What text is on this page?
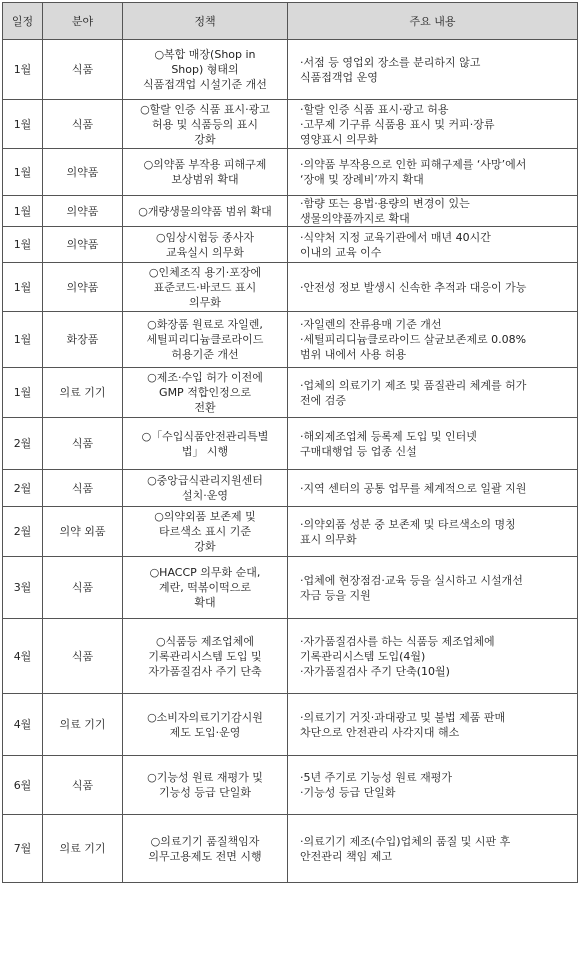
일정	분야	정책	주요 내용
1월	식품	○복합 매장(Shop in
Shop) 형태의
식품접객업 시설기준 개선	·서점 등 영업외 장소를 분리하지 않고
식품접객업 운영

1월	식품	○할랄 인증 식품 표시·광고
허용 및 식품등의 표시
강화	·할랄 인증 식품 표시·광고 허용
·고무제 기구류 식품용 표시 및 커피·장류
영양표시 의무화

1월	의약품	○의약품 부작용 피해구제
보상범위 확대	·의약품 부작용으로 인한 피해구제를 ‘사망’에서
‘장애 및 장례비’까지 확대

1월	의약품	○개량생물의약품 범위 확대	·함량 또는 용법·용량의 변경이 있는
생물의약품까지로 확대

1월	의약품	○임상시험등 종사자
교육실시 의무화	·식약처 지정 교육기관에서 매년 40시간
이내의 교육 이수

1월	의약품	○인체조직 용기·포장에
표준코드·바코드 표시
의무화	·안전성 정보 발생시 신속한 추적과 대응이 가능

1월	화장품	○화장품 원료로 자일렌,
세틸피리디늄클로라이드
허용기준 개선	·자일렌의 잔류용매 기준 개선
·세틸피리디늄클로라이드 살균보존제로 0.08%
범위 내에서 사용 허용

1월	의료 기기	○제조·수입 허가 이전에
GMP 적합인정으로
전환	·업체의 의료기기 제조 및 품질관리 체계를 허가
전에 검증

2월	식품	○「수입식품안전관리특별
법」 시행	·해외제조업체 등록제 도입 및 인터넷
구매대행업 등 업종 신설

2월	식품	○중앙급식관리지원센터
설치·운영	·지역 센터의 공통 업무를 체계적으로 일괄 지원

2월	의약 외품	○의약외품 보존제 및
타르색소 표시 기준
강화	·의약외품 성분 중 보존제 및 타르색소의 명칭
표시 의무화

3월	식품	○HACCP 의무화 순대,
계란, 떡볶이떡으로
확대	·업체에 현장점검·교육 등을 실시하고 시설개선
자금 등을 지원

4월	식품	○식품등 제조업체에
기록관리시스템 도입 및
자가품질검사 주기 단축	·자가품질검사를 하는 식품등 제조업체에
기록관리시스템 도입(4월)
·자가품질검사 주기 단축(10월)

4월	의료 기기	○소비자의료기기감시원
제도 도입·운영	·의료기기 거짓·과대광고 및 불법 제품 판매
차단으로 안전관리 사각지대 해소

6월	식품	○기능성 원료 재평가 및
기능성 등급 단일화	·5년 주기로 기능성 원료 재평가
·기능성 등급 단일화

7월	의료 기기	○의료기기 품질책임자
의무고용제도 전면 시행	·의료기기 제조(수입)업체의 품질 및 시판 후
안전관리 책임 제고
